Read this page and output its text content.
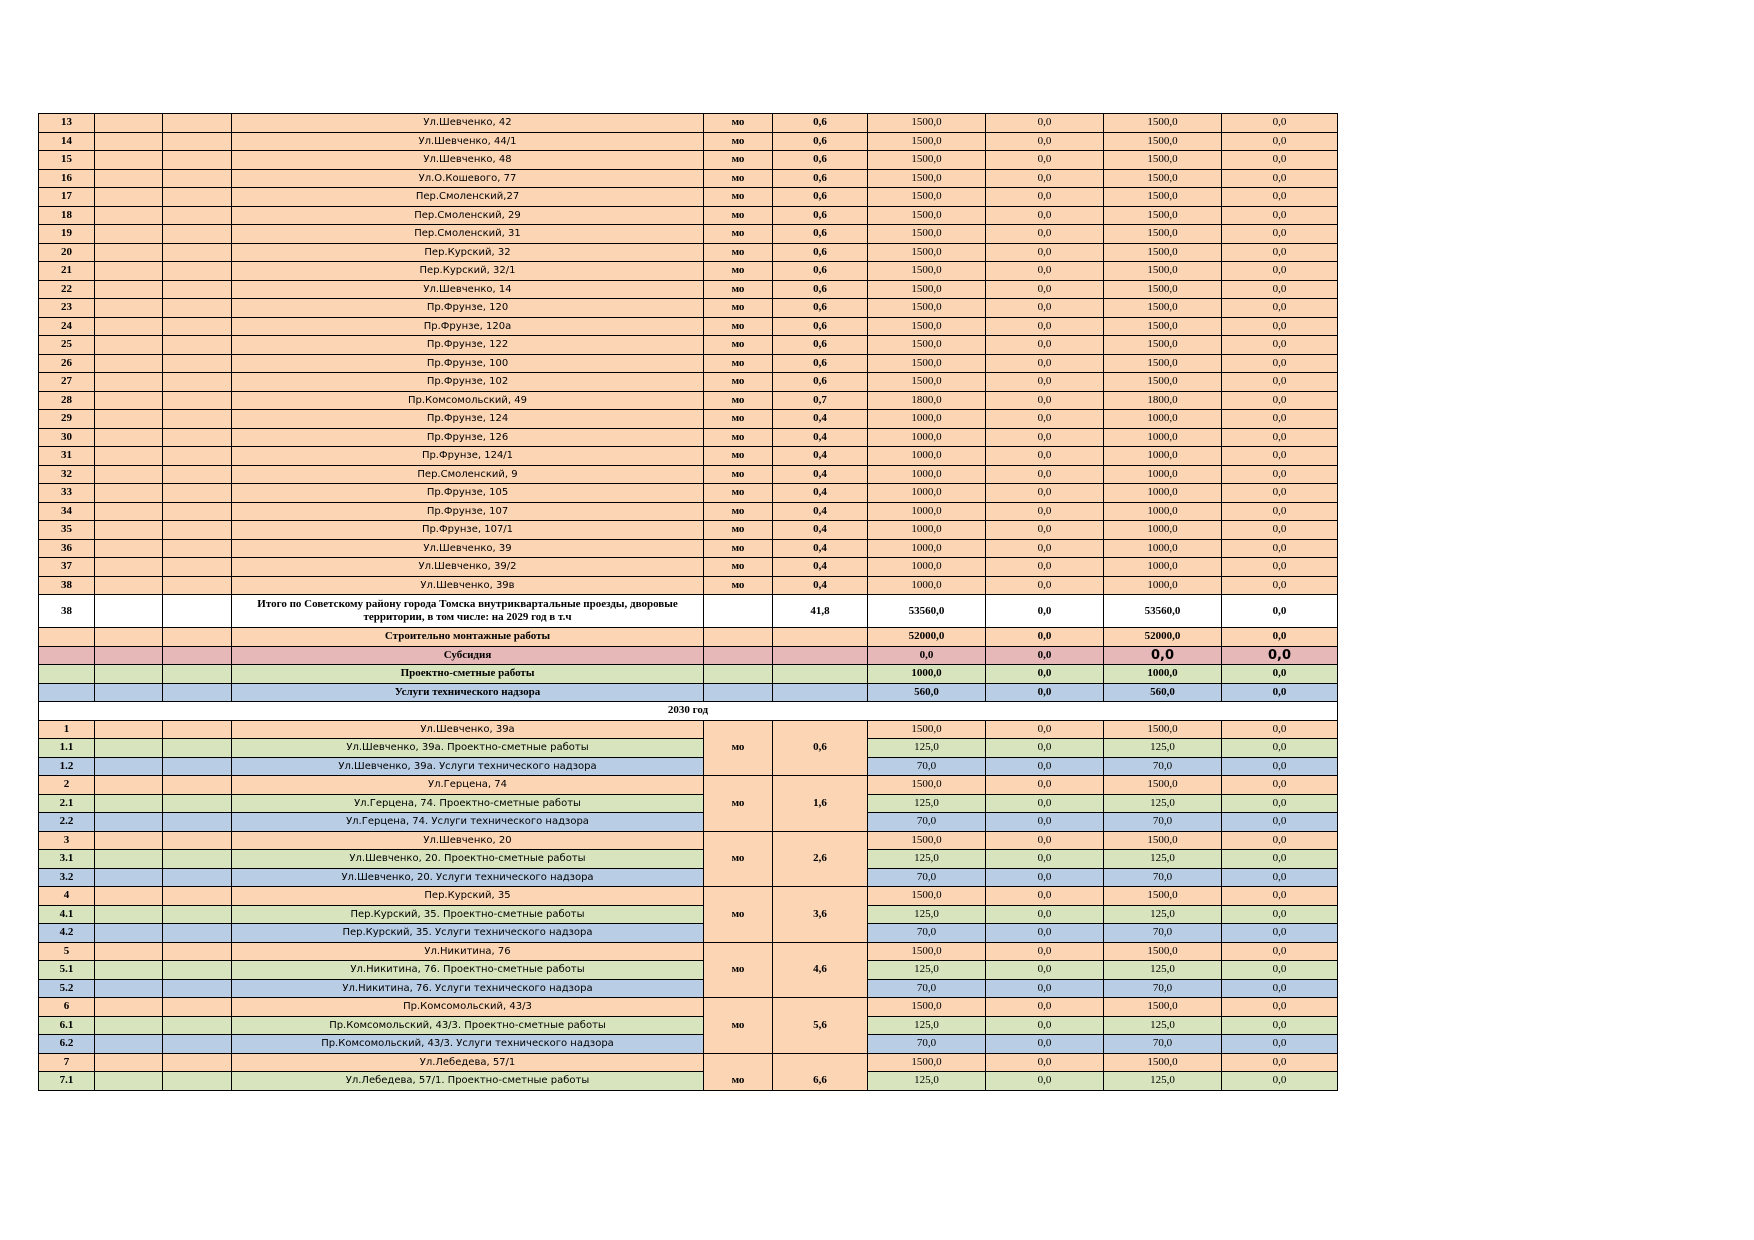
13			Ул.Шевченко, 42	мо	0,6	1500,0	0,0	1500,0	0,0
14			Ул.Шевченко, 44/1	мо	0,6	1500,0	0,0	1500,0	0,0
15			Ул.Шевченко, 48	мо	0,6	1500,0	0,0	1500,0	0,0
16			Ул.О.Кошевого, 77	мо	0,6	1500,0	0,0	1500,0	0,0
17			Пер.Смоленский,27	мо	0,6	1500,0	0,0	1500,0	0,0
18			Пер.Смоленский, 29	мо	0,6	1500,0	0,0	1500,0	0,0
19			Пер.Смоленский, 31	мо	0,6	1500,0	0,0	1500,0	0,0
20			Пер.Курский, 32	мо	0,6	1500,0	0,0	1500,0	0,0
21			Пер.Курский, 32/1	мо	0,6	1500,0	0,0	1500,0	0,0
22			Ул.Шевченко, 14	мо	0,6	1500,0	0,0	1500,0	0,0
23			Пр.Фрунзе, 120	мо	0,6	1500,0	0,0	1500,0	0,0
24			Пр.Фрунзе, 120а	мо	0,6	1500,0	0,0	1500,0	0,0
25			Пр.Фрунзе, 122	мо	0,6	1500,0	0,0	1500,0	0,0
26			Пр.Фрунзе, 100	мо	0,6	1500,0	0,0	1500,0	0,0
27			Пр.Фрунзе, 102	мо	0,6	1500,0	0,0	1500,0	0,0
28			Пр.Комсомольский, 49	мо	0,7	1800,0	0,0	1800,0	0,0
29			Пр.Фрунзе, 124	мо	0,4	1000,0	0,0	1000,0	0,0
30			Пр.Фрунзе, 126	мо	0,4	1000,0	0,0	1000,0	0,0
31			Пр.Фрунзе, 124/1	мо	0,4	1000,0	0,0	1000,0	0,0
32			Пер.Смоленский, 9	мо	0,4	1000,0	0,0	1000,0	0,0
33			Пр.Фрунзе, 105	мо	0,4	1000,0	0,0	1000,0	0,0
34			Пр.Фрунзе, 107	мо	0,4	1000,0	0,0	1000,0	0,0
35			Пр.Фрунзе, 107/1	мо	0,4	1000,0	0,0	1000,0	0,0
36			Ул.Шевченко, 39	мо	0,4	1000,0	0,0	1000,0	0,0
37			Ул.Шевченко, 39/2	мо	0,4	1000,0	0,0	1000,0	0,0
38			Ул.Шевченко, 39в	мо	0,4	1000,0	0,0	1000,0	0,0
38			Итого по Советскому району города Томска внутриквартальные проезды, дворовые территории, в том числе: на 2029 год в т.ч		41,8	53560,0	0,0	53560,0	0,0
			Строительно монтажные работы			52000,0	0,0	52000,0	0,0
			Субсидия			0,0	0,0	0,0	0,0
			Проектно-сметные работы			1000,0	0,0	1000,0	0,0
			Услуги технического надзора			560,0	0,0	560,0	0,0
2030 год									
1			Ул.Шевченко, 39а			1500,0	0,0	1500,0	0,0
1.1			Ул.Шевченко, 39а. Проектно-сметные работы	мо	0,6	125,0	0,0	125,0	0,0
1.2			Ул.Шевченко, 39а. Услуги технического надзора			70,0	0,0	70,0	0,0
2			Ул.Герцена, 74			1500,0	0,0	1500,0	0,0
2.1			Ул.Герцена, 74. Проектно-сметные работы	мо	1,6	125,0	0,0	125,0	0,0
2.2			Ул.Герцена, 74. Услуги технического надзора			70,0	0,0	70,0	0,0
3			Ул.Шевченко, 20			1500,0	0,0	1500,0	0,0
3.1			Ул.Шевченко, 20. Проектно-сметные работы	мо	2,6	125,0	0,0	125,0	0,0
3.2			Ул.Шевченко, 20. Услуги технического надзора			70,0	0,0	70,0	0,0
4			Пер.Курский, 35			1500,0	0,0	1500,0	0,0
4.1			Пер.Курский, 35. Проектно-сметные работы	мо	3,6	125,0	0,0	125,0	0,0
4.2			Пер.Курский, 35. Услуги технического надзора			70,0	0,0	70,0	0,0
5			Ул.Никитина, 76			1500,0	0,0	1500,0	0,0
5.1			Ул.Никитина, 76. Проектно-сметные работы	мо	4,6	125,0	0,0	125,0	0,0
5.2			Ул.Никитина, 76. Услуги технического надзора			70,0	0,0	70,0	0,0
6			Пр.Комсомольский, 43/3			1500,0	0,0	1500,0	0,0
6.1			Пр.Комсомольский, 43/3. Проектно-сметные работы	мо	5,6	125,0	0,0	125,0	0,0
6.2			Пр.Комсомольский, 43/3. Услуги технического надзора			70,0	0,0	70,0	0,0
7			Ул.Лебедева, 57/1			1500,0	0,0	1500,0	0,0
7.1			Ул.Лебедева, 57/1. Проектно-сметные работы	мо	6,6	125,0	0,0	125,0	0,0
